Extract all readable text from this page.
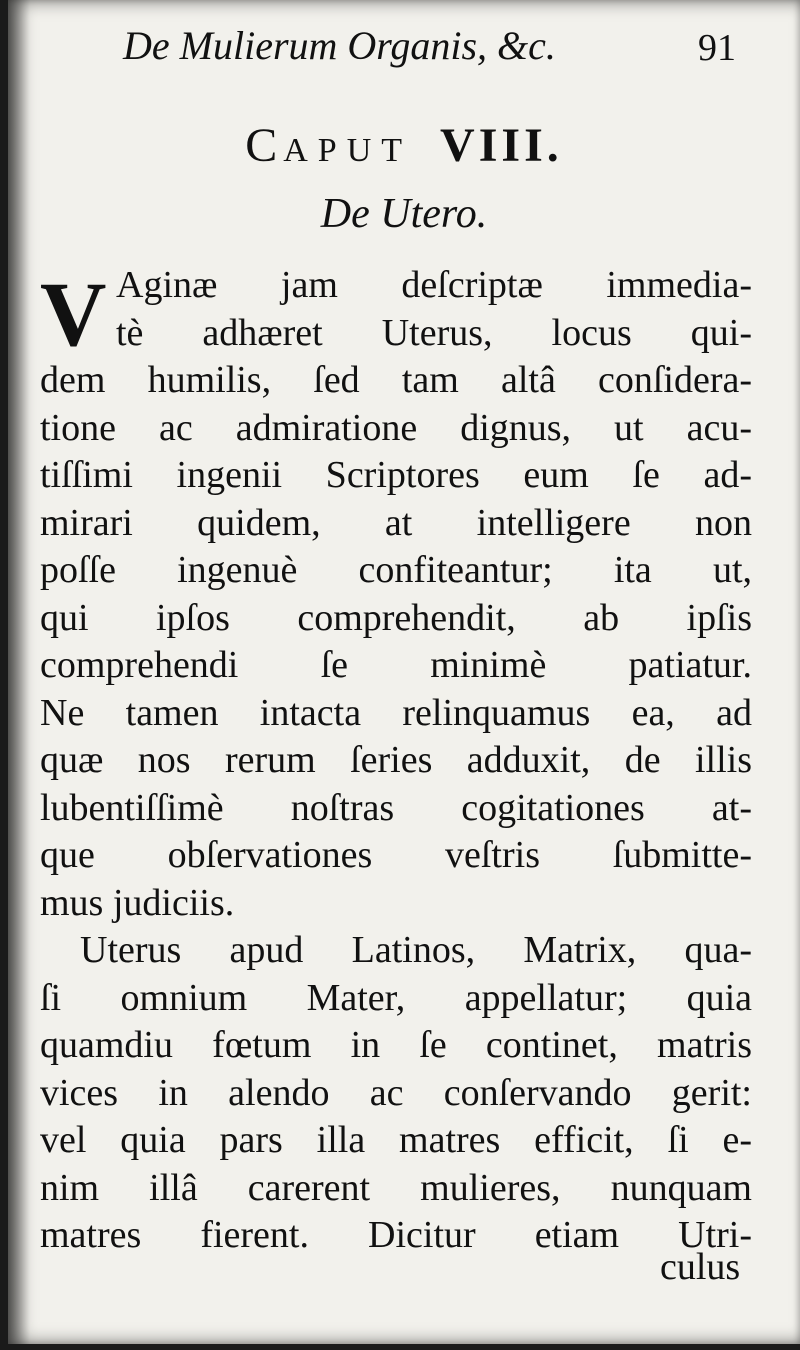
De Mulierum Organis, &c.	91
CAPUT VIII.
De Utero.
V Aginæ jam deſcriptæ immedia-
tè adhæret Uterus, locus qui-
dem humilis, ſed tam altâ conſidera-
tione ac admiratione dignus, ut acu-
tiſſimi ingenii Scriptores eum ſe ad-
mirari quidem, at intelligere non
poſſe ingenuè confiteantur; ita ut,
qui ipſos comprehendit, ab ipſis
comprehendi ſe minimè patiatur.
Ne tamen intacta relinquamus ea, ad
quæ nos rerum ſeries adduxit, de illis
lubentiſſimè noſtras cogitationes at-
que obſervationes veſtris ſubmitte-
mus judiciis.
Uterus apud Latinos, Matrix, qua-
ſi omnium Mater, appellatur; quia
quamdiu fœtum in ſe continet, matris
vices in alendo ac conſervando gerit:
vel quia pars illa matres efficit, ſi e-
nim illâ carerent mulieres, nunquam
matres fierent. Dicitur etiam Utri-
culus
